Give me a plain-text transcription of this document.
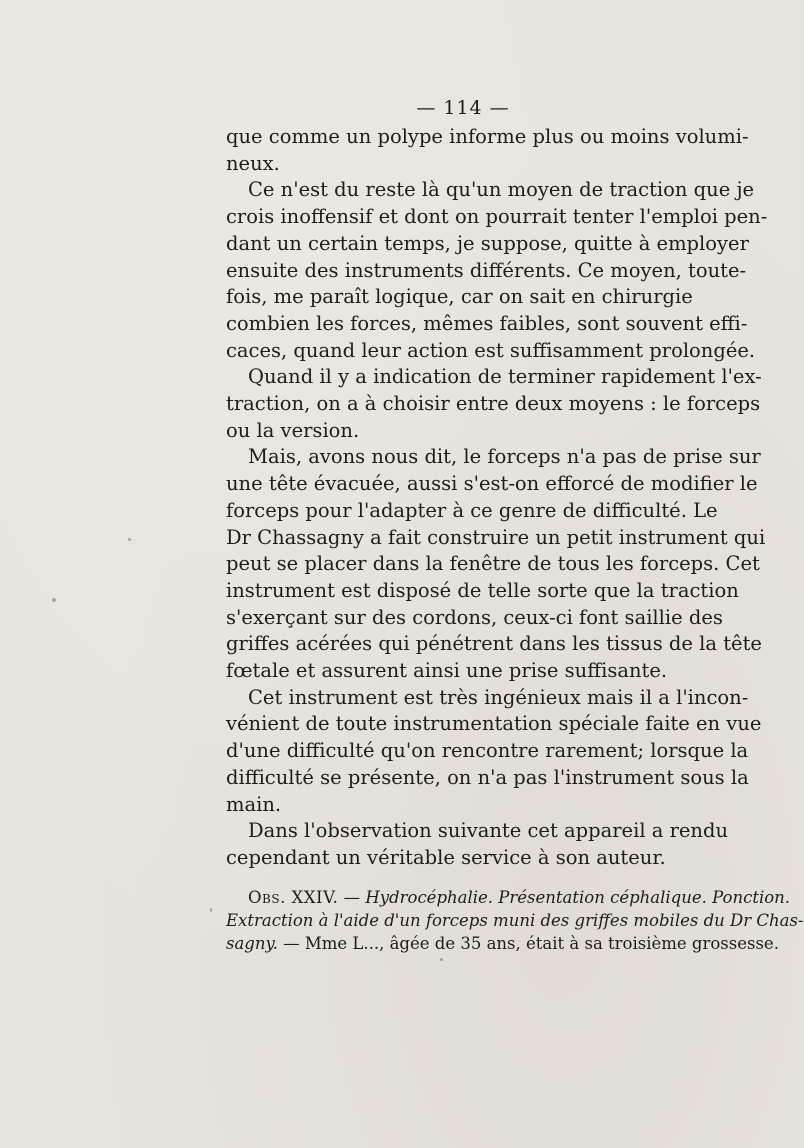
— 114 —

que comme un polype informe plus ou moins volumi-
neux.

Ce n'est du reste là qu'un moyen de traction que je
crois inoffensif et dont on pourrait tenter l'emploi pen-
dant un certain temps, je suppose, quitte à employer
ensuite des instruments différents. Ce moyen, toute-
fois, me paraît logique, car on sait en chirurgie
combien les forces, mêmes faibles, sont souvent effi-
caces, quand leur action est suffisamment prolongée.

Quand il y a indication de terminer rapidement l'ex-
traction, on a à choisir entre deux moyens : le forceps
ou la version.

Mais, avons nous dit, le forceps n'a pas de prise sur
une tête évacuée, aussi s'est-on efforcé de modifier le
forceps pour l'adapter à ce genre de difficulté. Le
Dr Chassagny a fait construire un petit instrument qui
peut se placer dans la fenêtre de tous les forceps. Cet
instrument est disposé de telle sorte que la traction
s'exerçant sur des cordons, ceux-ci font saillie des
griffes acérées qui pénétrent dans les tissus de la tête
fœtale et assurent ainsi une prise suffisante.

Cet instrument est très ingénieux mais il a l'incon-
vénient de toute instrumentation spéciale faite en vue
d'une difficulté qu'on rencontre rarement; lorsque la
difficulté se présente, on n'a pas l'instrument sous la
main.

Dans l'observation suivante cet appareil a rendu
cependant un véritable service à son auteur.

Obs. XXIV. — Hydrocéphalie. Présentation céphalique. Ponction.
Extraction à l'aide d'un forceps muni des griffes mobiles du Dr Chas-
sagny. — Mme L..., âgée de 35 ans, était à sa troisième grossesse.
